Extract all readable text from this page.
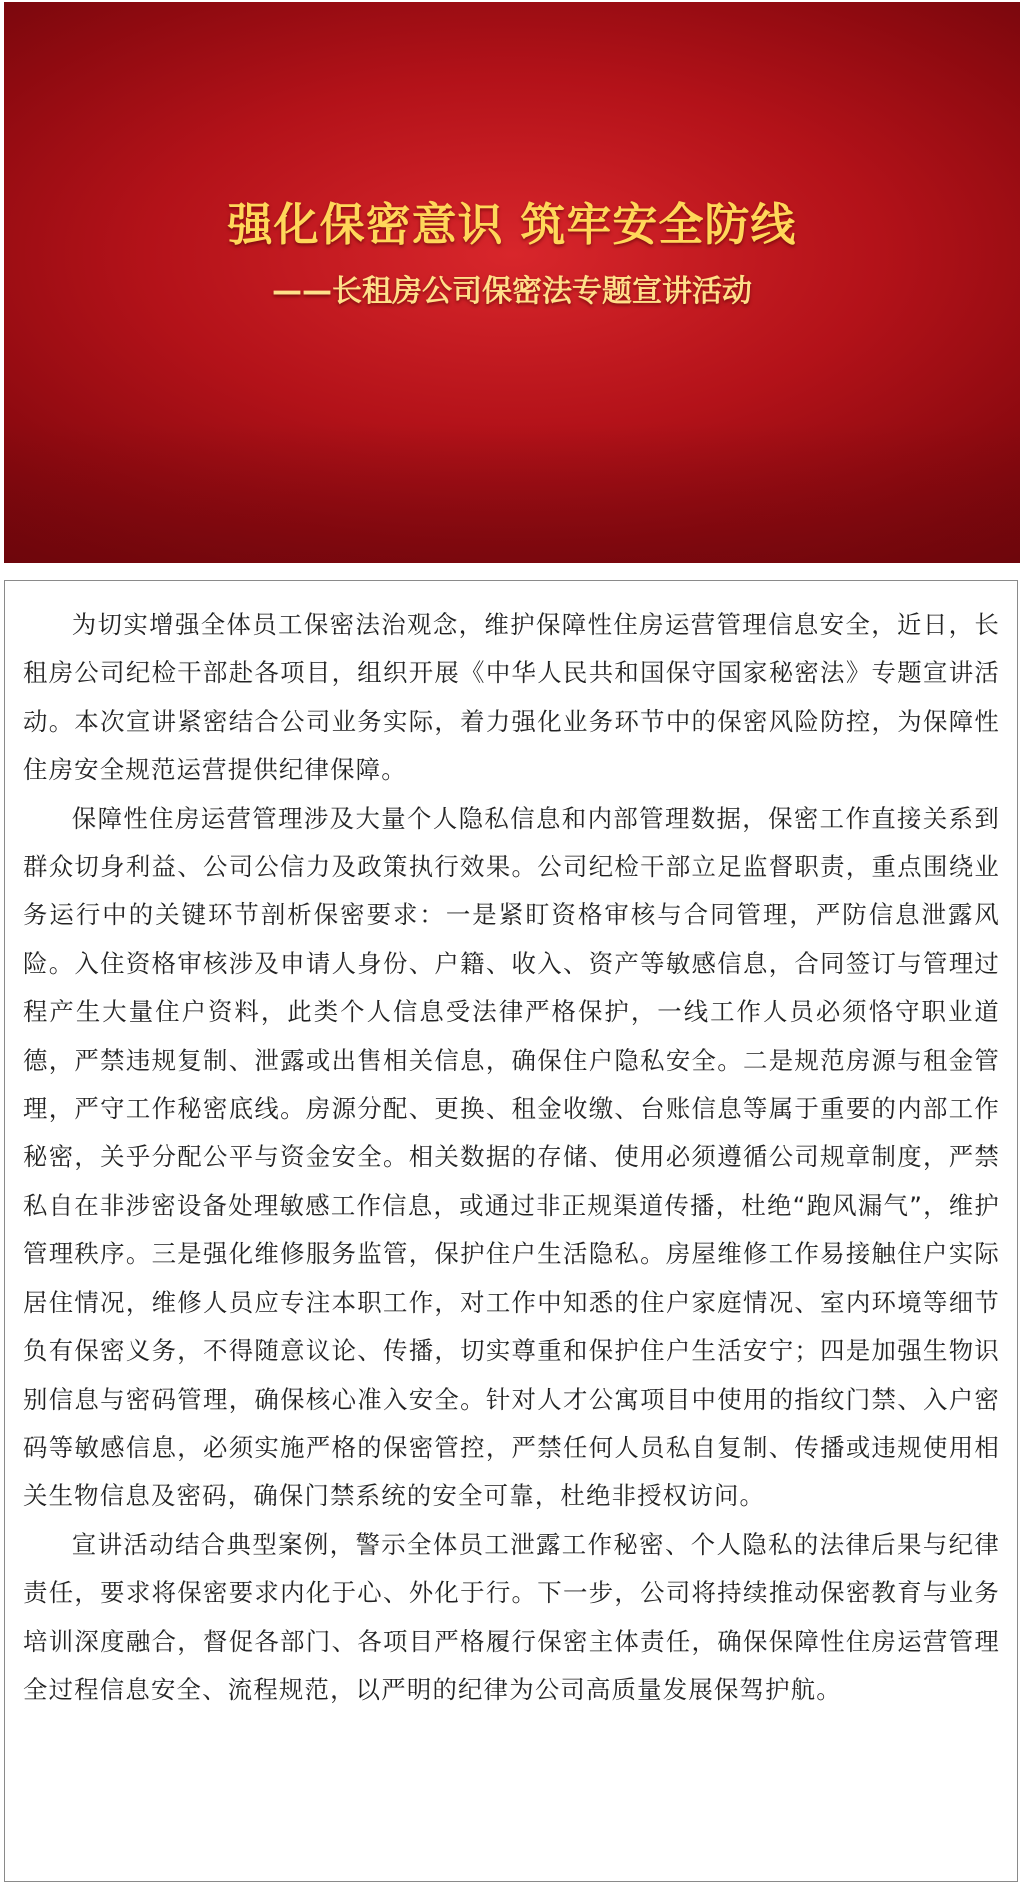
强化保密意识 筑牢安全防线
——长租房公司保密法专题宣讲活动

为切实增强全体员工保密法治观念，维护保障性住房运营管理信息安全，近日，长租房公司纪检干部赴各项目，组织开展《中华人民共和国保守国家秘密法》专题宣讲活动。本次宣讲紧密结合公司业务实际，着力强化业务环节中的保密风险防控，为保障性住房安全规范运营提供纪律保障。

保障性住房运营管理涉及大量个人隐私信息和内部管理数据，保密工作直接关系到群众切身利益、公司公信力及政策执行效果。公司纪检干部立足监督职责，重点围绕业务运行中的关键环节剖析保密要求：一是紧盯资格审核与合同管理，严防信息泄露风险。入住资格审核涉及申请人身份、户籍、收入、资产等敏感信息，合同签订与管理过程产生大量住户资料，此类个人信息受法律严格保护，一线工作人员必须恪守职业道德，严禁违规复制、泄露或出售相关信息，确保住户隐私安全。二是规范房源与租金管理，严守工作秘密底线。房源分配、更换、租金收缴、台账信息等属于重要的内部工作秘密，关乎分配公平与资金安全。相关数据的存储、使用必须遵循公司规章制度，严禁私自在非涉密设备处理敏感工作信息，或通过非正规渠道传播，杜绝“跑风漏气”，维护管理秩序。三是强化维修服务监管，保护住户生活隐私。房屋维修工作易接触住户实际居住情况，维修人员应专注本职工作，对工作中知悉的住户家庭情况、室内环境等细节负有保密义务，不得随意议论、传播，切实尊重和保护住户生活安宁；四是加强生物识别信息与密码管理，确保核心准入安全。针对人才公寓项目中使用的指纹门禁、入户密码等敏感信息，必须实施严格的保密管控，严禁任何人员私自复制、传播或违规使用相关生物信息及密码，确保门禁系统的安全可靠，杜绝非授权访问。

宣讲活动结合典型案例，警示全体员工泄露工作秘密、个人隐私的法律后果与纪律责任，要求将保密要求内化于心、外化于行。下一步，公司将持续推动保密教育与业务培训深度融合，督促各部门、各项目严格履行保密主体责任，确保保障性住房运营管理全过程信息安全、流程规范，以严明的纪律为公司高质量发展保驾护航。
